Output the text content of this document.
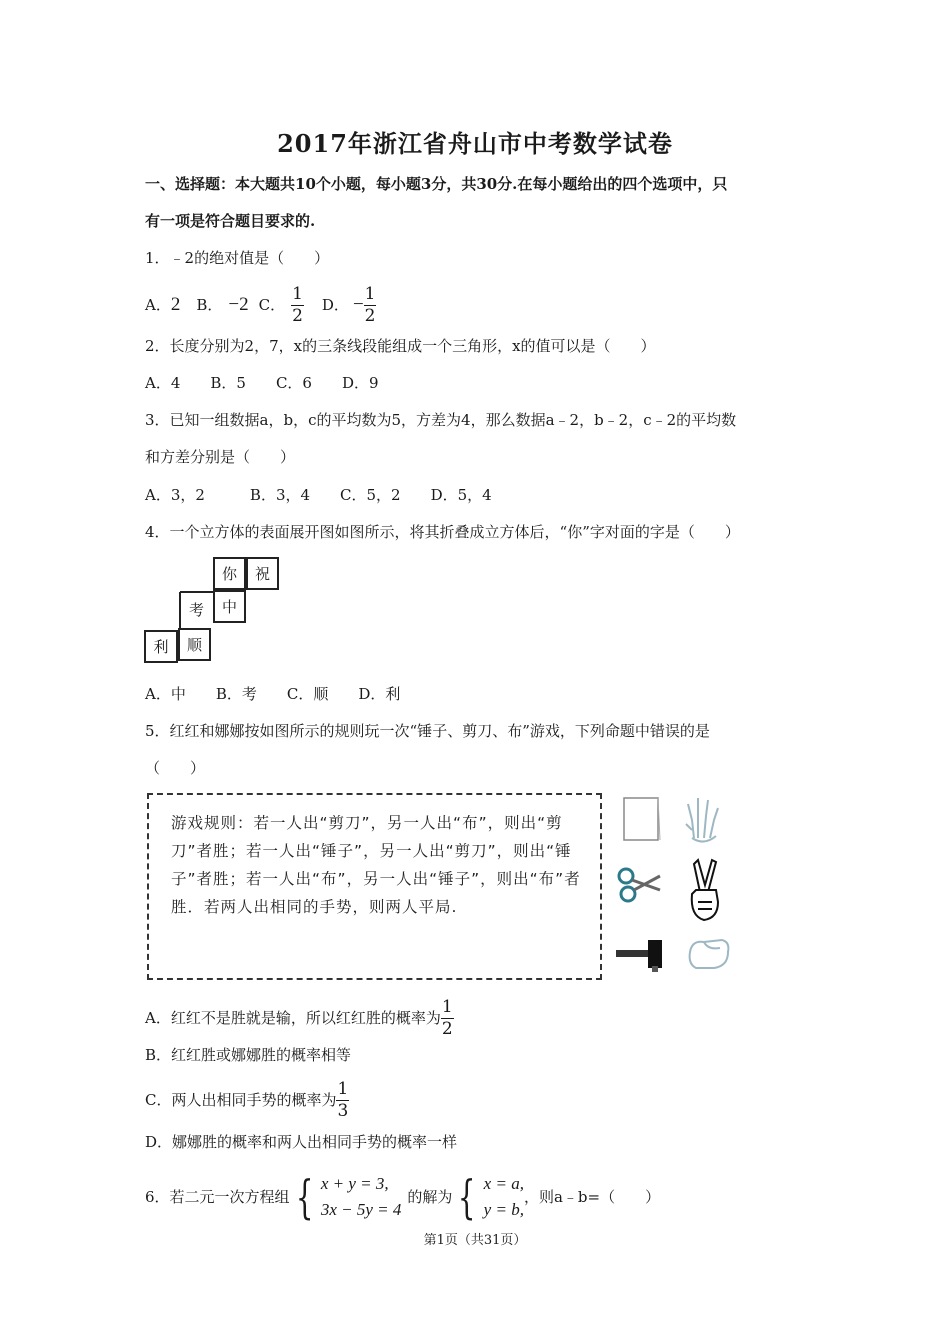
2017年浙江省舟山市中考数学试卷
一、选择题：本大题共10个小题，每小题3分，共30分.在每小题给出的四个选项中，只
有一项是符合题目要求的.
1．﹣2的绝对值是（　　）
A． 2 B． −2 C． $\frac{1}{2}$ D． − $\frac{1}{2}$
2．长度分别为2，7，x的三条线段能组成一个三角形，x的值可以是（　　）
A．4　　B．5　　C．6　　D．9
3．已知一组数据a，b，c的平均数为5，方差为4，那么数据a﹣2，b﹣2，c﹣2的平均数
和方差分别是（　　）
A．3，2　　　B．3，4　　C．5，2　　D．5，4
4．一个立方体的表面展开图如图所示，将其折叠成立方体后，“你”字对面的字是（　　）
你	祝
考	中
利	顺
A．中　　B．考　　C．顺　　D．利
5．红红和娜娜按如图所示的规则玩一次“锤子、剪刀、布”游戏，下列命题中错误的是
（　　）
游戏规则：若一人出“剪刀”，另一人出“布”，则出“剪刀”者胜；若一人出“锤子”，另一人出“剪刀”，则出“锤子”者胜；若一人出“布”，另一人出“锤子”，则出“布”者胜．若两人出相同的手势，则两人平局.
A．红红不是胜就是输，所以红红胜的概率为 $\frac{1}{2}$
B．红红胜或娜娜胜的概率相等
C．两人出相同手势的概率为 $\frac{1}{3}$
D．娜娜胜的概率和两人出相同手势的概率一样
6．若二元一次方程组 { x + y = 3,
3x − 5y = 4
的解为 { x = a,
y = b,
，则a﹣b=（　　）
第1页（共31页）
